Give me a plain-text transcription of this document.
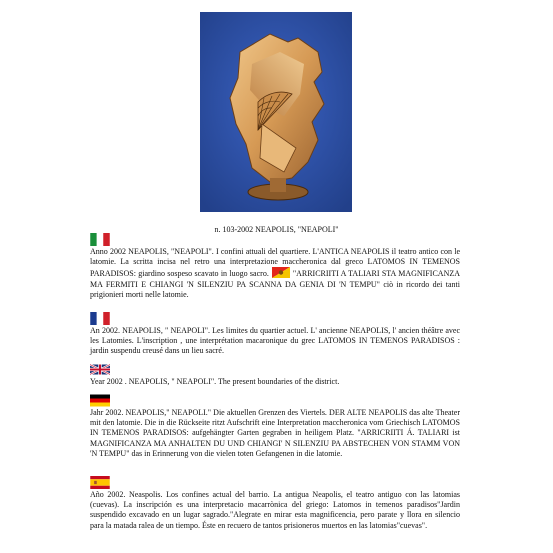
n. 103-2002 NEAPOLIS, "NEAPOLI"

Anno 2002 NEAPOLIS, "NEAPOLI". I confini attuali del quartiere. L'ANTICA NEAPOLIS il teatro antico con le latomie. La scritta incisa nel retro una interpretazione maccheronica dal greco LATOMOS IN TEMENOS PARADISOS: giardino sospeso scavato in luogo sacro.	"ARRICRIITI A TALIARI STA MAGNIFICANZA MA FERMITI E CHIANGI 'N SILENZIU PA SCANNA DA GENIA DI 'N TEMPU" ciò in ricordo dei tanti prigionieri morti nelle latomie.

An 2002. NEAPOLIS, " NEAPOLI". Les limites du quartier actuel. L' ancienne NEAPOLIS, l' ancien théâtre avec les Latomies. L'inscription , une interprétation macaronique du grec LATOMOS IN TEMENOS PARADISOS : jardin suspendu creusé dans un lieu sacré.

Year 2002 . NEAPOLIS, " NEAPOLI". The present boundaries of the district.

Jahr 2002. NEAPOLIS," NEAPOLI." Die aktuellen Grenzen des Viertels. DER ALTE NEAPOLIS das alte Theater mit den latomie. Die in die Rückseite ritzt Aufschrift eine Interpretation maccheronica vom Griechisch LATOMOS IN TEMENOS PARADISOS: aufgehängter Garten gegraben in heiligem Platz. "ARRICRIITI Á. TALIARI ist MAGNIFICANZA MA ANHALTEN DU UND CHIANGI' N SILENZIU PA ABSTECHEN VON STAMM VON 'N TEMPU" das in Erinnerung von die vielen toten Gefangenen in die latomie.

Año 2002. Neaspolis. Los confines actual del barrio. La antigua Neapolis, el teatro antiguo con las latomias (cuevas). La inscripción es una interpretacio macarrònica del griego: Latomos in temenos paradisos"Jardin suspendido excavado en un lugar sagrado."Alegrate en mirar esta magnificencia, pero parate y llora en silencio para la matada ralea de un tiempo. Éste en recuero de tantos prisioneros muertos en las latomias"cuevas".
